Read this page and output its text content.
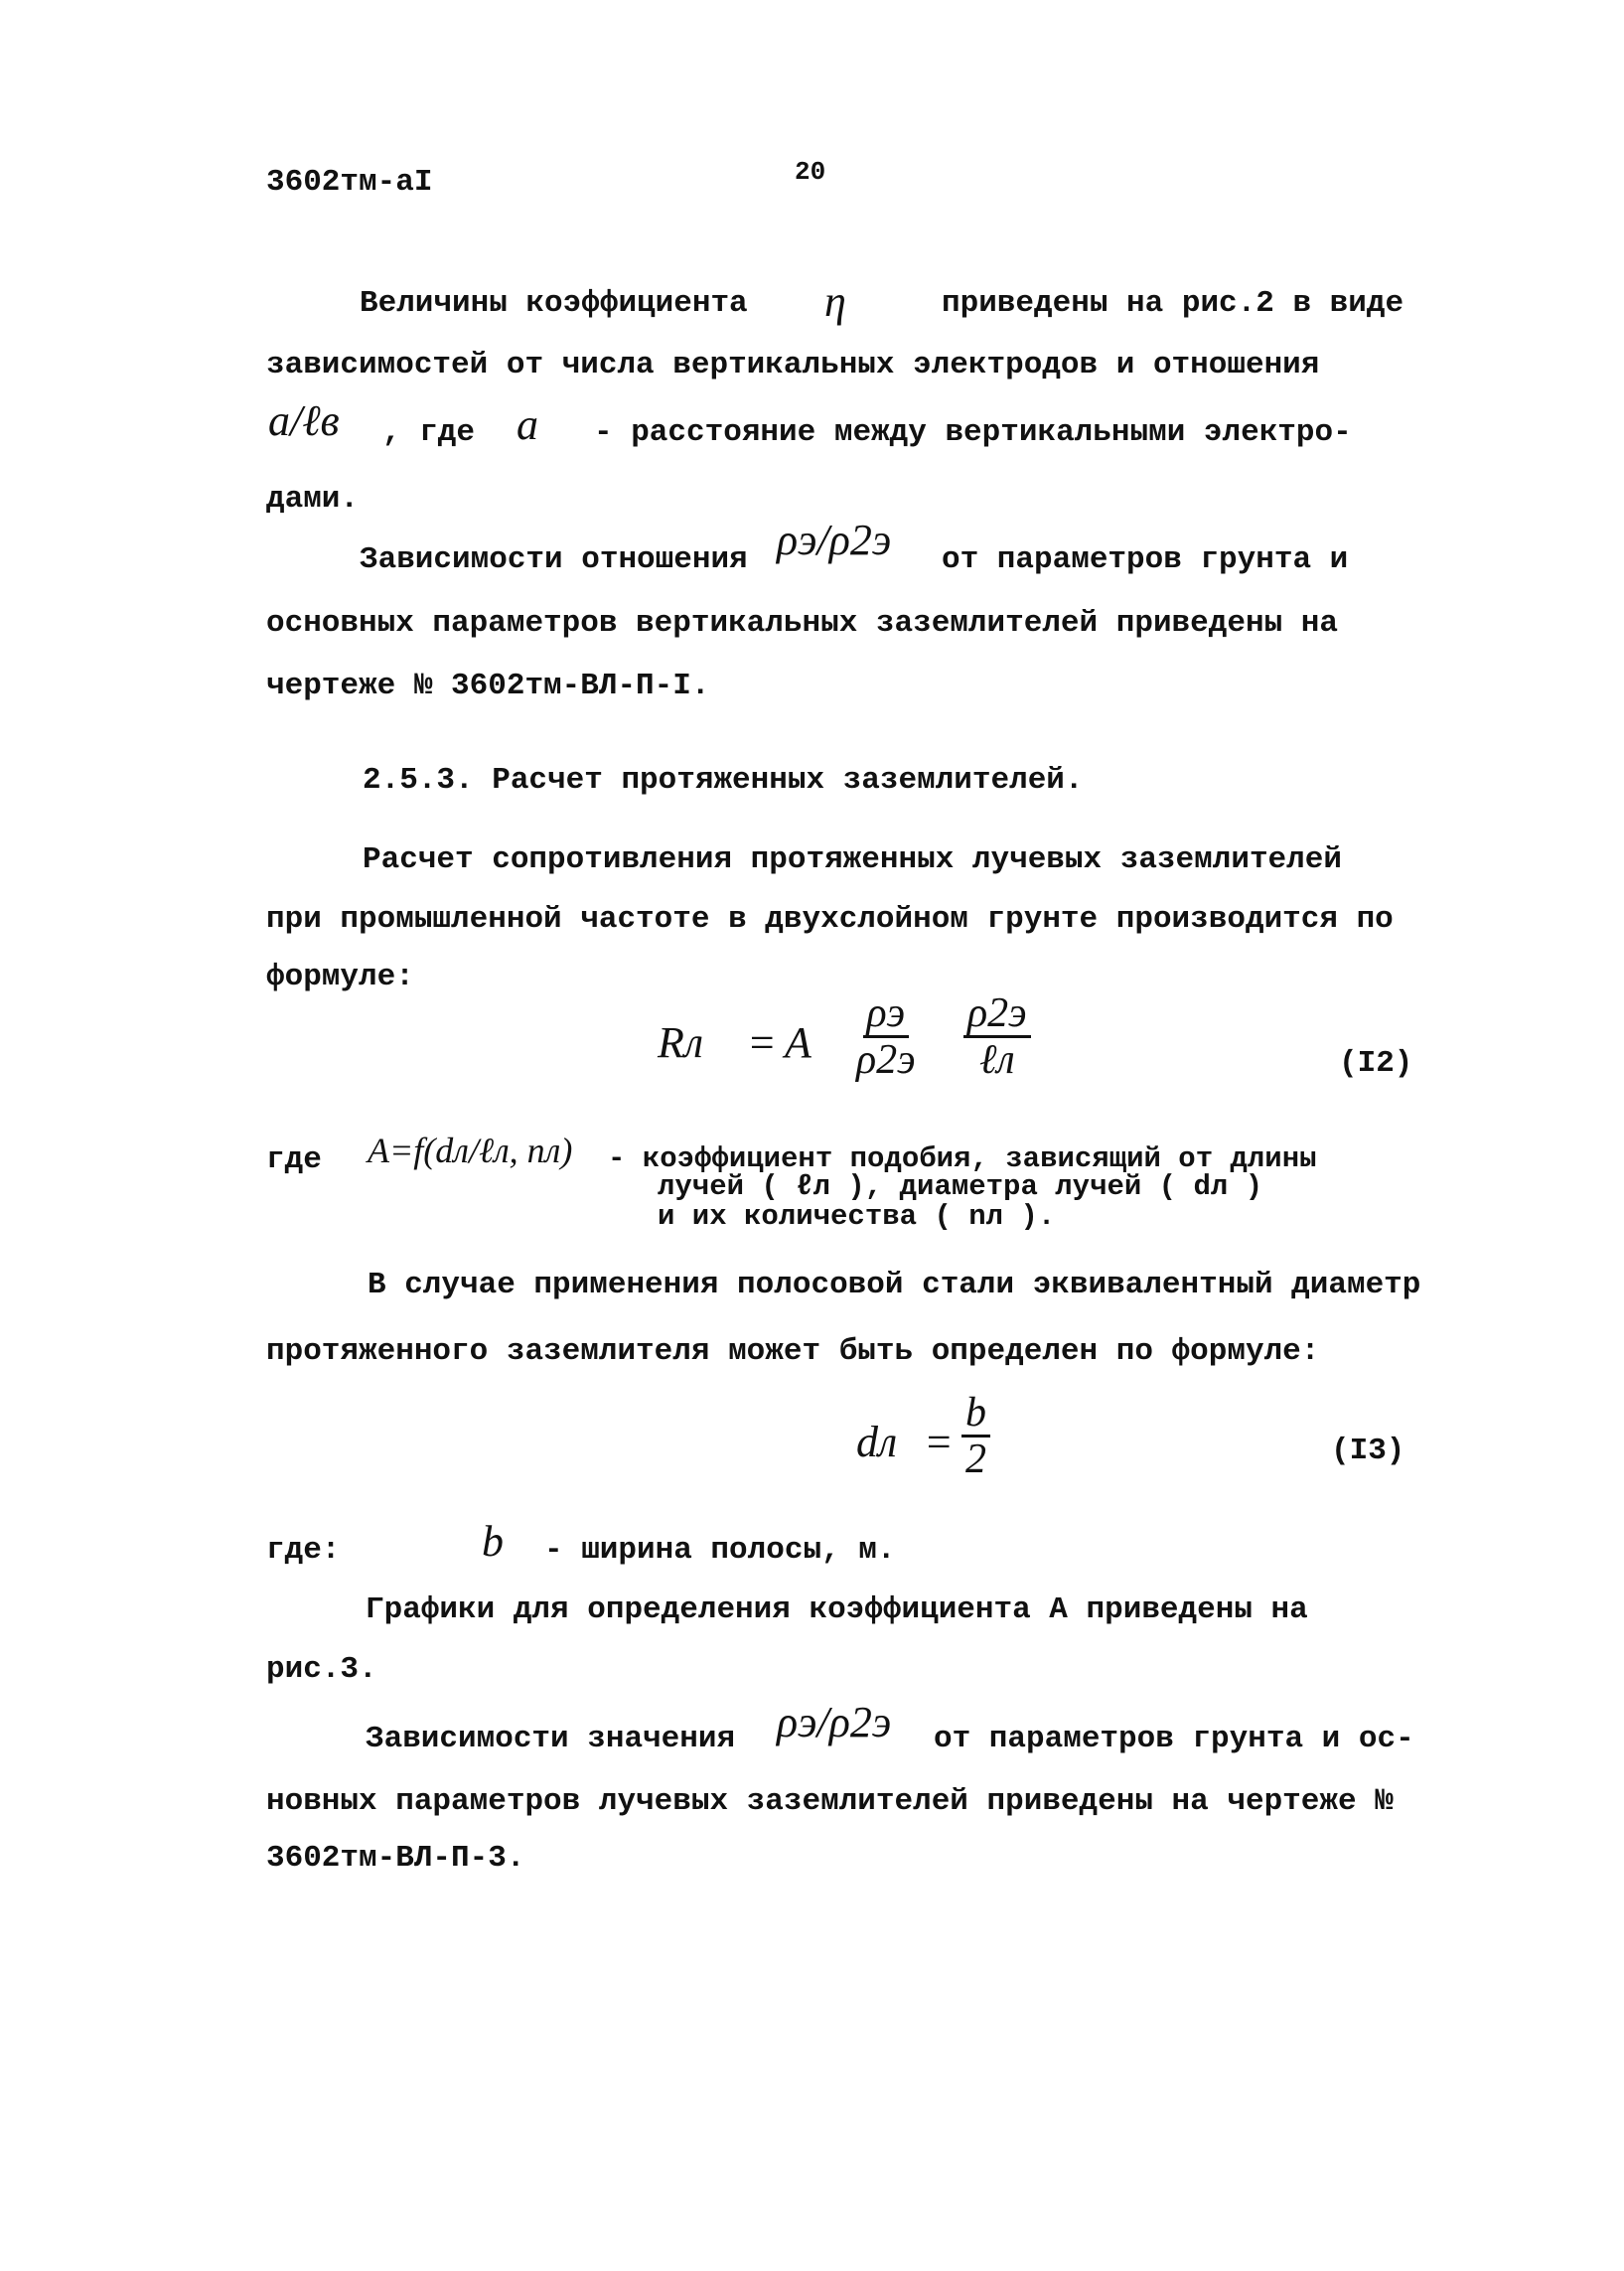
3602тм-аI	20
Величины коэффициента η	приведены на рис.2 в виде
зависимостей от числа вертикальных электродов и отношения
a/ℓв , где a - расстояние между вертикальными электро-
дами.
Зависимости отношения ρэ/ρ2э от параметров грунта и
основных параметров вертикальных заземлителей приведены на
чертеже № 3602тм-ВЛ-П-I.
2.5.3. Расчет протяженных заземлителей.
Расчет сопротивления протяженных лучевых заземлителей
при промышленной частоте в двухслойном грунте производится по
формуле:
Rл = A
ρэ
ρ2э
ρ2э
ℓл	(I2)
где A=f(dл/ℓл, nл) - коэффициент подобия, зависящий от длины
лучей ( ℓл ), диаметра лучей ( dл )
и их количества ( nл ).
В случае применения полосовой стали эквивалентный диаметр
протяженного заземлителя может быть определен по формуле:
dл = $\frac{b}{2}$	(I3)
где:	b - ширина полосы, м.
Графики для определения коэффициента А приведены на
рис.3.
Зависимости значения ρэ/ρ2э от параметров грунта и ос-
новных параметров лучевых заземлителей приведены на чертеже №
3602тм-ВЛ-П-3.
